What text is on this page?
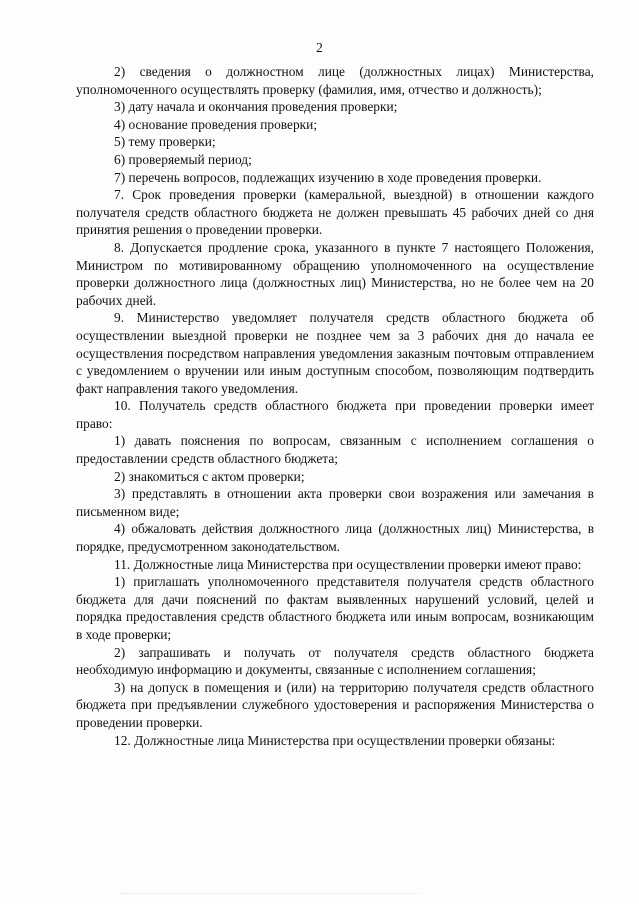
2

2) сведения о должностном лице (должностных лицах) Министерства, уполномоченного осуществлять проверку (фамилия, имя, отчество и должность);

3) дату начала и окончания проведения проверки;

4) основание проведения проверки;

5) тему проверки;

6) проверяемый период;

7) перечень вопросов, подлежащих изучению в ходе проведения проверки.

7. Срок проведения проверки (камеральной, выездной) в отношении каждого получателя средств областного бюджета не должен превышать 45 рабочих дней со дня принятия решения о проведении проверки.

8. Допускается продление срока, указанного в пункте 7 настоящего Положения, Министром по мотивированному обращению уполномоченного на осуществление проверки должностного лица (должностных лиц) Министерства, но не более чем на 20 рабочих дней.

9. Министерство уведомляет получателя средств областного бюджета об осуществлении выездной проверки не позднее чем за 3 рабочих дня до начала ее осуществления посредством направления уведомления заказным почтовым отправлением с уведомлением о вручении или иным доступным способом, позволяющим подтвердить факт направления такого уведомления.

10. Получатель средств областного бюджета при проведении проверки имеет право:

1) давать пояснения по вопросам, связанным с исполнением соглашения о предоставлении средств областного бюджета;

2) знакомиться с актом проверки;

3) представлять в отношении акта проверки свои возражения или замечания в письменном виде;

4) обжаловать действия должностного лица (должностных лиц) Министерства, в порядке, предусмотренном законодательством.

11. Должностные лица Министерства при осуществлении проверки имеют право:

1) приглашать уполномоченного представителя получателя средств областного бюджета для дачи пояснений по фактам выявленных нарушений условий, целей и порядка предоставления средств областного бюджета или иным вопросам, возникающим в ходе проверки;

2) запрашивать и получать от получателя средств областного бюджета необходимую информацию и документы, связанные с исполнением соглашения;

3) на допуск в помещения и (или) на территорию получателя средств областного бюджета при предъявлении служебного удостоверения и распоряжения Министерства о проведении проверки.

12. Должностные лица Министерства при осуществлении проверки обязаны:
